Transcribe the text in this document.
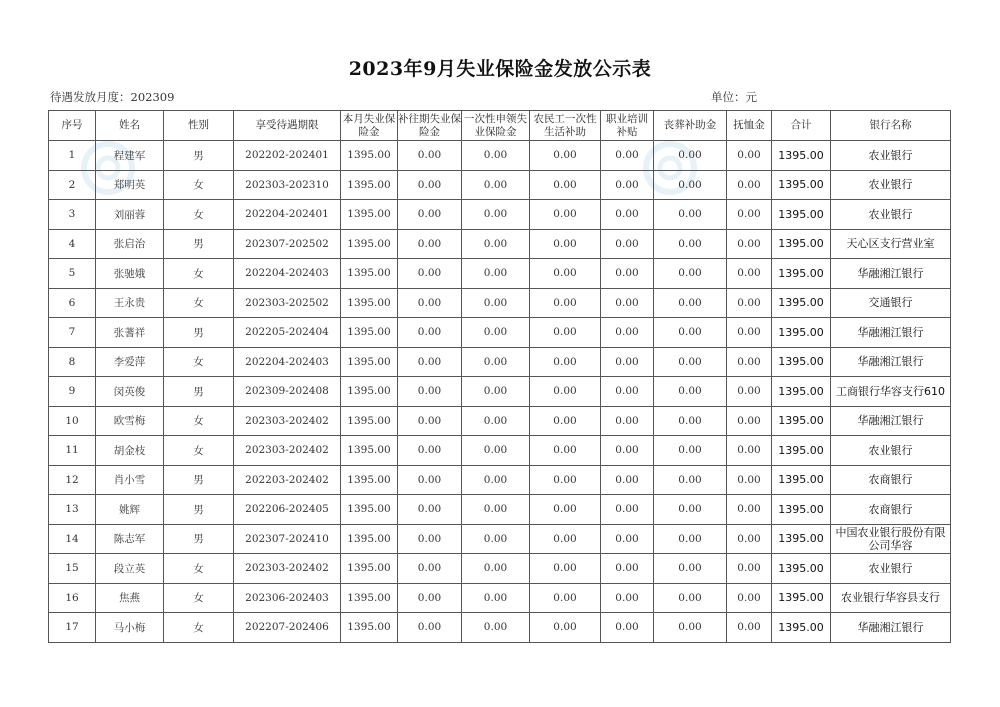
2023年9月失业保险金发放公示表
待遇发放月度：202309	单位：元
序号	姓名	性别	享受待遇期限	本月失业保险金	补往期失业保险金	一次性申领失业保险金	农民工一次性生活补助	职业培训补贴	丧葬补助金	抚恤金	合计	银行名称
1	程建军	男	202202-202401	1395.00	0.00	0.00	0.00	0.00	0.00	0.00	1395.00	农业银行
2	郑明英	女	202303-202310	1395.00	0.00	0.00	0.00	0.00	0.00	0.00	1395.00	农业银行
3	刘丽蓉	女	202204-202401	1395.00	0.00	0.00	0.00	0.00	0.00	0.00	1395.00	农业银行
4	张启治	男	202307-202502	1395.00	0.00	0.00	0.00	0.00	0.00	0.00	1395.00	天心区支行营业室
5	张驰娥	女	202204-202403	1395.00	0.00	0.00	0.00	0.00	0.00	0.00	1395.00	华融湘江银行
6	王永贵	女	202303-202502	1395.00	0.00	0.00	0.00	0.00	0.00	0.00	1395.00	交通银行
7	张蓍祥	男	202205-202404	1395.00	0.00	0.00	0.00	0.00	0.00	0.00	1395.00	华融湘江银行
8	李爱萍	女	202204-202403	1395.00	0.00	0.00	0.00	0.00	0.00	0.00	1395.00	华融湘江银行
9	闵英俊	男	202309-202408	1395.00	0.00	0.00	0.00	0.00	0.00	0.00	1395.00	工商银行华容支行610
10	欧雪梅	女	202303-202402	1395.00	0.00	0.00	0.00	0.00	0.00	0.00	1395.00	华融湘江银行
11	胡金枝	女	202303-202402	1395.00	0.00	0.00	0.00	0.00	0.00	0.00	1395.00	农业银行
12	肖小雪	男	202203-202402	1395.00	0.00	0.00	0.00	0.00	0.00	0.00	1395.00	农商银行
13	姚辉	男	202206-202405	1395.00	0.00	0.00	0.00	0.00	0.00	0.00	1395.00	农商银行
14	陈志军	男	202307-202410	1395.00	0.00	0.00	0.00	0.00	0.00	0.00	1395.00	中国农业银行股份有限公司华容
15	段立英	女	202303-202402	1395.00	0.00	0.00	0.00	0.00	0.00	0.00	1395.00	农业银行
16	焦燕	女	202306-202403	1395.00	0.00	0.00	0.00	0.00	0.00	0.00	1395.00	农业银行华容县支行
17	马小梅	女	202207-202406	1395.00	0.00	0.00	0.00	0.00	0.00	0.00	1395.00	华融湘江银行
